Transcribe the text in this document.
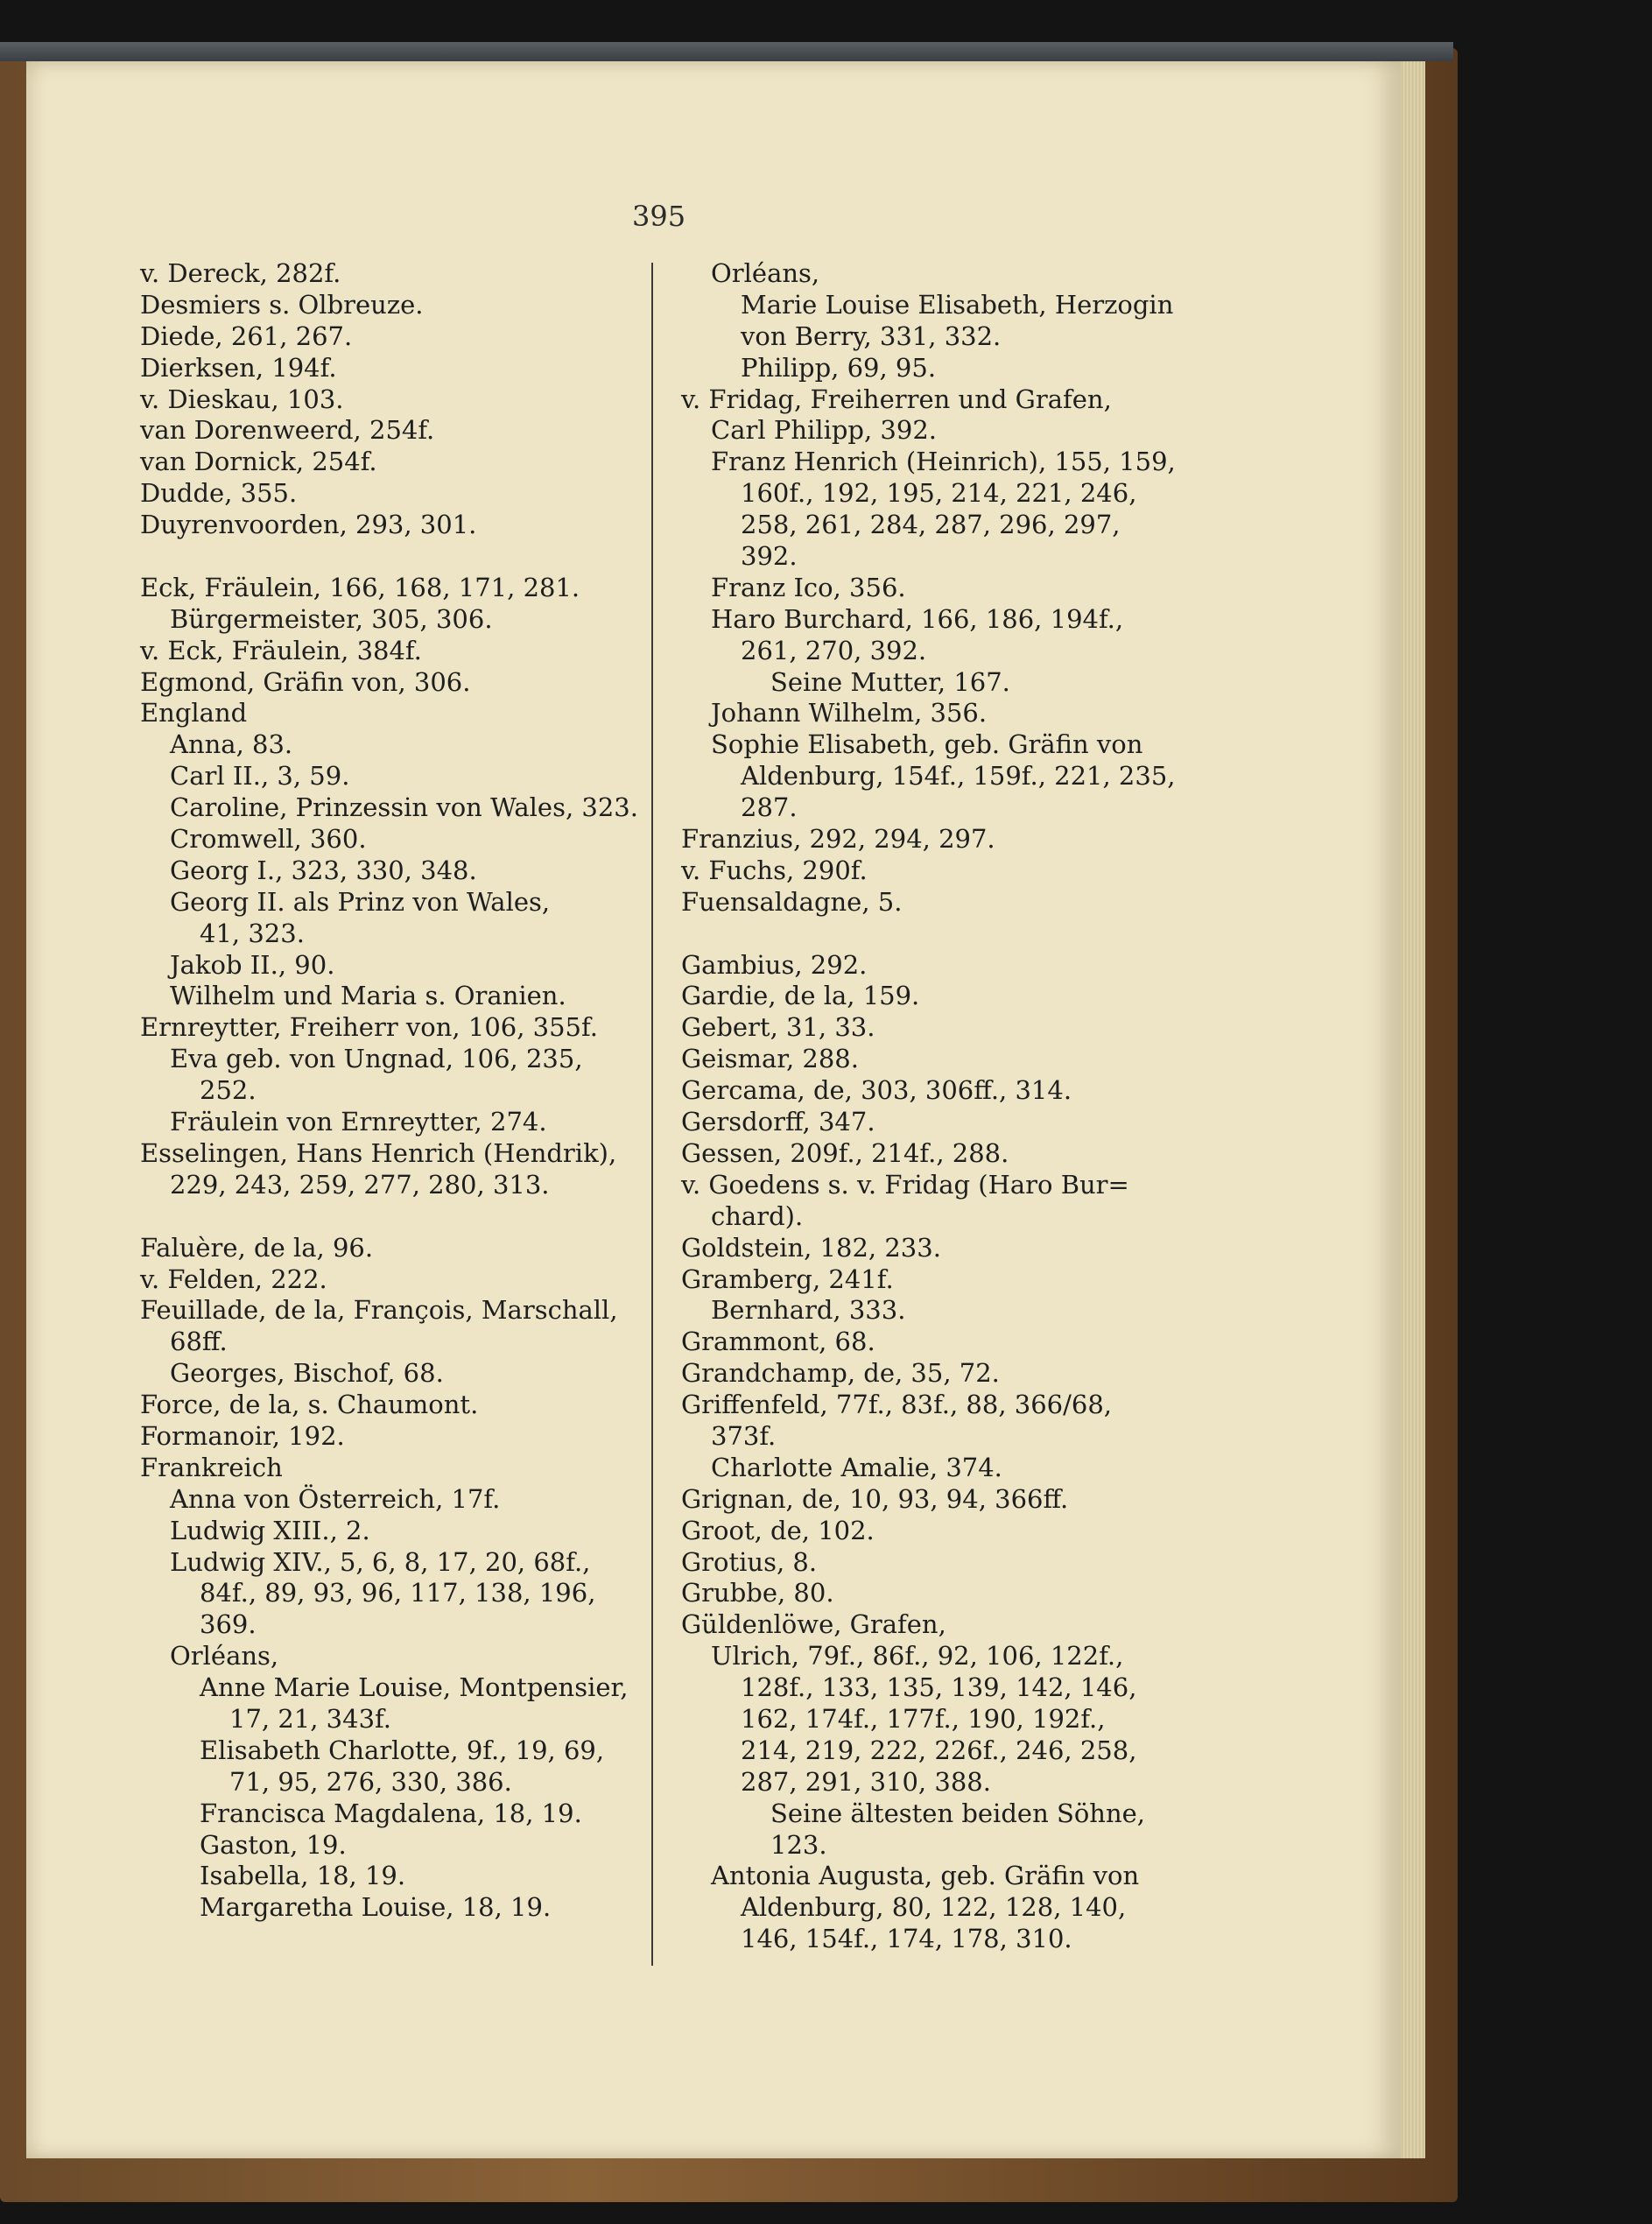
395
v. Dereck, 282f.
Desmiers s. Olbreuze.
Diede, 261, 267.
Dierksen, 194f.
v. Dieskau, 103.
van Dorenweerd, 254f.
van Dornick, 254f.
Dudde, 355.
Duyrenvoorden, 293, 301.
Eck, Fräulein, 166, 168, 171, 281.
Bürgermeister, 305, 306.
v. Eck, Fräulein, 384f.
Egmond, Gräfin von, 306.
England
Anna, 83.
Carl II., 3, 59.
Caroline, Prinzessin von Wales, 323.
Cromwell, 360.
Georg I., 323, 330, 348.
Georg II. als Prinz von Wales,
41, 323.
Jakob II., 90.
Wilhelm und Maria s. Oranien.
Ernreytter, Freiherr von, 106, 355f.
Eva geb. von Ungnad, 106, 235,
252.
Fräulein von Ernreytter, 274.
Esselingen, Hans Henrich (Hendrik),
229, 243, 259, 277, 280, 313.
Faluère, de la, 96.
v. Felden, 222.
Feuillade, de la, François, Marschall,
68ff.
Georges, Bischof, 68.
Force, de la, s. Chaumont.
Formanoir, 192.
Frankreich
Anna von Österreich, 17f.
Ludwig XIII., 2.
Ludwig XIV., 5, 6, 8, 17, 20, 68f.,
84f., 89, 93, 96, 117, 138, 196,
369.
Orléans,
Anne Marie Louise, Montpensier,
17, 21, 343f.
Elisabeth Charlotte, 9f., 19, 69,
71, 95, 276, 330, 386.
Francisca Magdalena, 18, 19.
Gaston, 19.
Isabella, 18, 19.
Margaretha Louise, 18, 19.
Orléans,
Marie Louise Elisabeth, Herzogin
von Berry, 331, 332.
Philipp, 69, 95.
v. Fridag, Freiherren und Grafen,
Carl Philipp, 392.
Franz Henrich (Heinrich), 155, 159,
160f., 192, 195, 214, 221, 246,
258, 261, 284, 287, 296, 297,
392.
Franz Ico, 356.
Haro Burchard, 166, 186, 194f.,
261, 270, 392.
Seine Mutter, 167.
Johann Wilhelm, 356.
Sophie Elisabeth, geb. Gräfin von
Aldenburg, 154f., 159f., 221, 235,
287.
Franzius, 292, 294, 297.
v. Fuchs, 290f.
Fuensaldagne, 5.
Gambius, 292.
Gardie, de la, 159.
Gebert, 31, 33.
Geismar, 288.
Gercama, de, 303, 306ff., 314.
Gersdorff, 347.
Gessen, 209f., 214f., 288.
v. Goedens s. v. Fridag (Haro Bur=
chard).
Goldstein, 182, 233.
Gramberg, 241f.
Bernhard, 333.
Grammont, 68.
Grandchamp, de, 35, 72.
Griffenfeld, 77f., 83f., 88, 366/68,
373f.
Charlotte Amalie, 374.
Grignan, de, 10, 93, 94, 366ff.
Groot, de, 102.
Grotius, 8.
Grubbe, 80.
Güldenlöwe, Grafen,
Ulrich, 79f., 86f., 92, 106, 122f.,
128f., 133, 135, 139, 142, 146,
162, 174f., 177f., 190, 192f.,
214, 219, 222, 226f., 246, 258,
287, 291, 310, 388.
Seine ältesten beiden Söhne,
123.
Antonia Augusta, geb. Gräfin von
Aldenburg, 80, 122, 128, 140,
146, 154f., 174, 178, 310.
